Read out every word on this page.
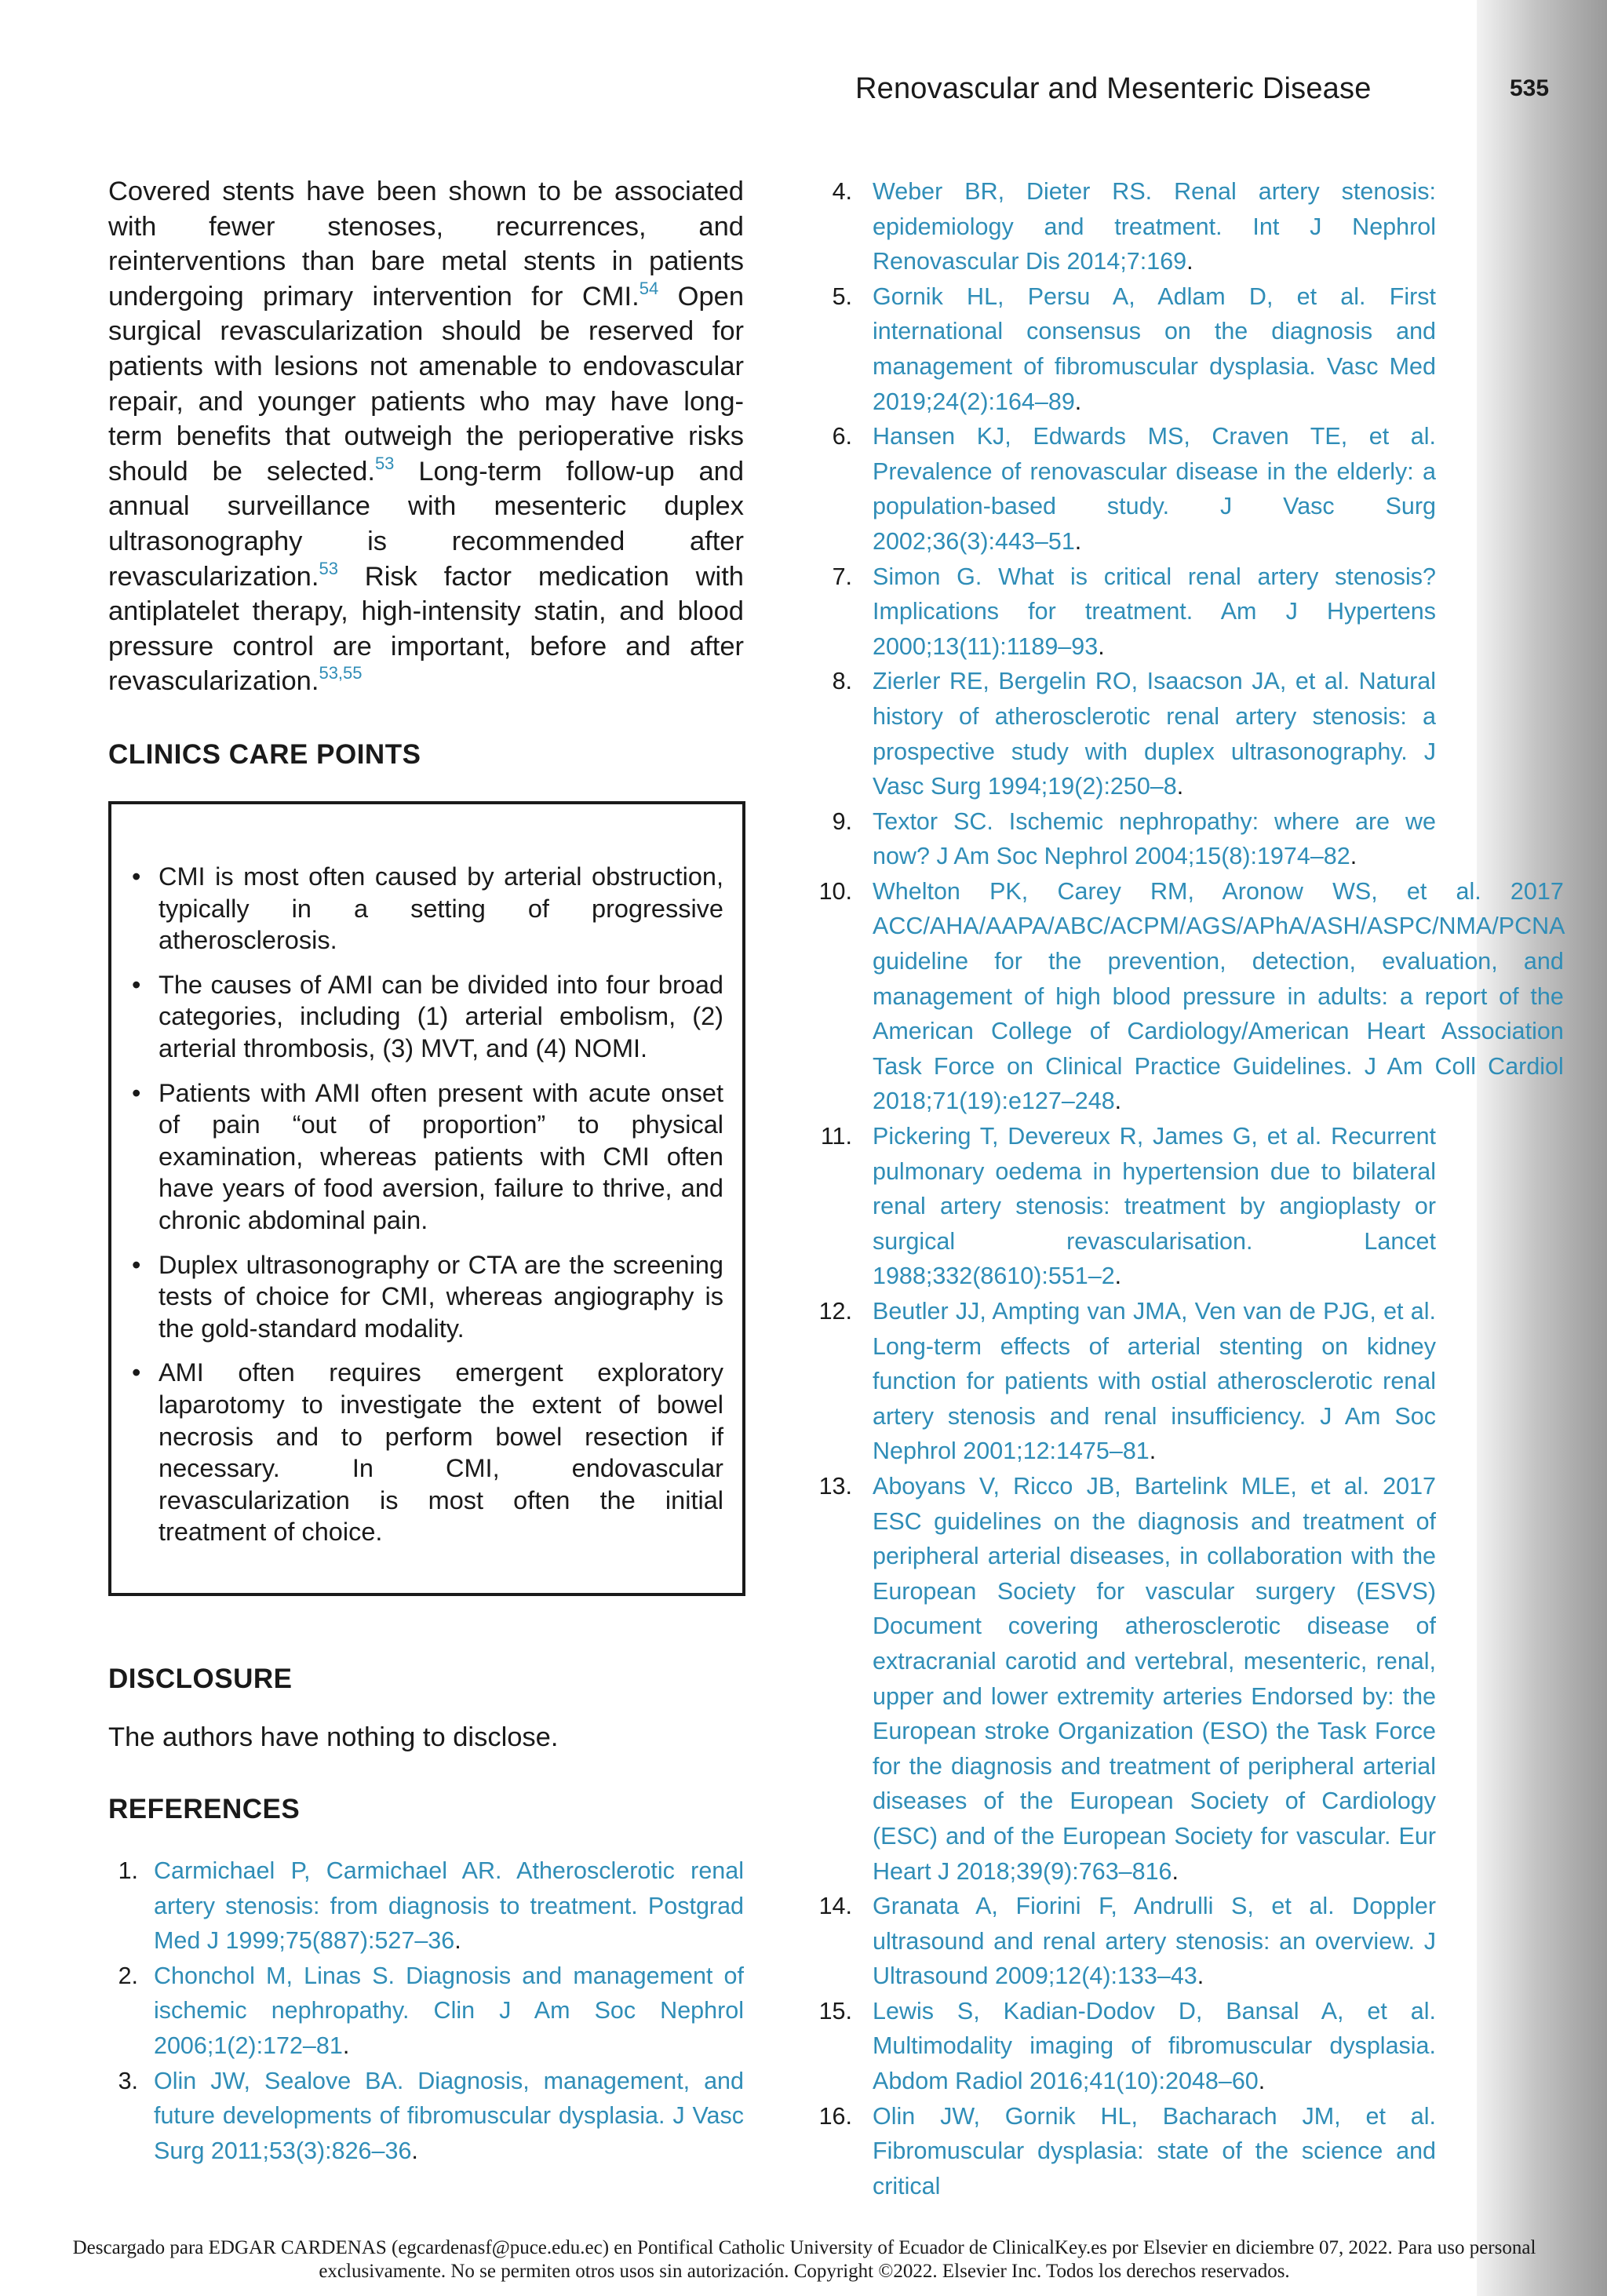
Renovascular and Mesenteric Disease	535

Covered stents have been shown to be associated with fewer stenoses, recurrences, and reinterventions than bare metal stents in patients undergoing primary intervention for CMI.$^{54}$ Open surgical revascularization should be reserved for patients with lesions not amenable to endovascular repair, and younger patients who may have long-term benefits that outweigh the perioperative risks should be selected.$^{53}$ Long-term follow-up and annual surveillance with mesenteric duplex ultrasonography is recommended after revascularization.$^{53}$ Risk factor medication with antiplatelet therapy, high-intensity statin, and blood pressure control are important, before and after revascularization.$^{53,55}$

CLINICS CARE POINTS
• CMI is most often caused by arterial obstruction, typically in a setting of progressive atherosclerosis.
• The causes of AMI can be divided into four broad categories, including (1) arterial embolism, (2) arterial thrombosis, (3) MVT, and (4) NOMI.
• Patients with AMI often present with acute onset of pain “out of proportion” to physical examination, whereas patients with CMI often have years of food aversion, failure to thrive, and chronic abdominal pain.
• Duplex ultrasonography or CTA are the screening tests of choice for CMI, whereas angiography is the gold-standard modality.
• AMI often requires emergent exploratory laparotomy to investigate the extent of bowel necrosis and to perform bowel resection if necessary. In CMI, endovascular revascularization is most often the initial treatment of choice.
DISCLOSURE

The authors have nothing to disclose.

REFERENCES
1. Carmichael P, Carmichael AR. Atherosclerotic renal artery stenosis: from diagnosis to treatment. Postgrad Med J 1999;75(887):527–36.
2. Chonchol M, Linas S. Diagnosis and management of ischemic nephropathy. Clin J Am Soc Nephrol 2006;1(2):172–81.
3. Olin JW, Sealove BA. Diagnosis, management, and future developments of fibromuscular dysplasia. J Vasc Surg 2011;53(3):826–36.
4. Weber BR, Dieter RS. Renal artery stenosis: epidemiology and treatment. Int J Nephrol Renovascular Dis 2014;7:169.
5. Gornik HL, Persu A, Adlam D, et al. First international consensus on the diagnosis and management of fibromuscular dysplasia. Vasc Med 2019;24(2):164–89.
6. Hansen KJ, Edwards MS, Craven TE, et al. Prevalence of renovascular disease in the elderly: a population-based study. J Vasc Surg 2002;36(3):443–51.
7. Simon G. What is critical renal artery stenosis? Implications for treatment. Am J Hypertens 2000;13(11):1189–93.
8. Zierler RE, Bergelin RO, Isaacson JA, et al. Natural history of atherosclerotic renal artery stenosis: a prospective study with duplex ultrasonography. J Vasc Surg 1994;19(2):250–8.
9. Textor SC. Ischemic nephropathy: where are we now? J Am Soc Nephrol 2004;15(8):1974–82.
10. Whelton PK, Carey RM, Aronow WS, et al. 2017 ACC/AHA/AAPA/ABC/ACPM/AGS/APhA/ASH/ASPC/NMA/PCNA guideline for the prevention, detection, evaluation, and management of high blood pressure in adults: a report of the American College of Cardiology/American Heart Association Task Force on Clinical Practice Guidelines. J Am Coll Cardiol 2018;71(19):e127–248.
11. Pickering T, Devereux R, James G, et al. Recurrent pulmonary oedema in hypertension due to bilateral renal artery stenosis: treatment by angioplasty or surgical revascularisation. Lancet 1988;332(8610):551–2.
12. Beutler JJ, Ampting van JMA, Ven van de PJG, et al. Long-term effects of arterial stenting on kidney function for patients with ostial atherosclerotic renal artery stenosis and renal insufficiency. J Am Soc Nephrol 2001;12:1475–81.
13. Aboyans V, Ricco JB, Bartelink MLE, et al. 2017 ESC guidelines on the diagnosis and treatment of peripheral arterial diseases, in collaboration with the European Society for vascular surgery (ESVS) Document covering atherosclerotic disease of extracranial carotid and vertebral, mesenteric, renal, upper and lower extremity arteries Endorsed by: the European stroke Organization (ESO) the Task Force for the diagnosis and treatment of peripheral arterial diseases of the European Society of Cardiology (ESC) and of the European Society for vascular. Eur Heart J 2018;39(9):763–816.
14. Granata A, Fiorini F, Andrulli S, et al. Doppler ultrasound and renal artery stenosis: an overview. J Ultrasound 2009;12(4):133–43.
15. Lewis S, Kadian-Dodov D, Bansal A, et al. Multimodality imaging of fibromuscular dysplasia. Abdom Radiol 2016;41(10):2048–60.
16. Olin JW, Gornik HL, Bacharach JM, et al. Fibromuscular dysplasia: state of the science and critical
Descargado para EDGAR CARDENAS (egcardenasf@puce.edu.ec) en Pontifical Catholic University of Ecuador de ClinicalKey.es por Elsevier en diciembre 07, 2022. Para uso personal exclusivamente. No se permiten otros usos sin autorización. Copyright ©2022. Elsevier Inc. Todos los derechos reservados.
